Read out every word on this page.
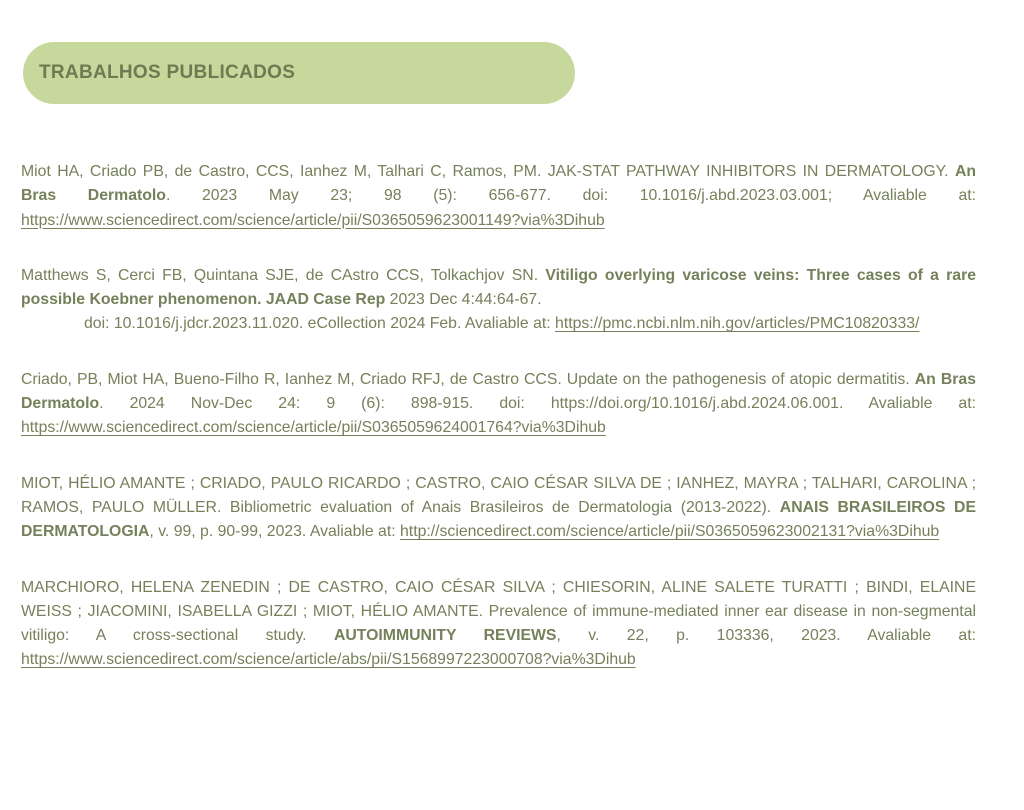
TRABALHOS PUBLICADOS
Miot HA, Criado PB, de Castro, CCS, Ianhez M, Talhari C, Ramos, PM. JAK-STAT PATHWAY INHIBITORS IN DERMATOLOGY. An Bras Dermatolo. 2023 May 23; 98 (5): 656-677. doi: 10.1016/j.abd.2023.03.001; Avaliable at: https://www.sciencedirect.com/science/article/pii/S0365059623001149?via%3Dihub
Matthews S, Cerci FB, Quintana SJE, de CAstro CCS, Tolkachjov SN. Vitiligo overlying varicose veins: Three cases of a rare possible Koebner phenomenon. JAAD Case Rep 2023 Dec 4:44:64-67.
doi: 10.1016/j.jdcr.2023.11.020. eCollection 2024 Feb. Avaliable at: https://pmc.ncbi.nlm.nih.gov/articles/PMC10820333/
Criado, PB, Miot HA, Bueno-Filho R, Ianhez M, Criado RFJ, de Castro CCS. Update on the pathogenesis of atopic dermatitis. An Bras Dermatolo. 2024 Nov-Dec 24: 9 (6): 898-915. doi: https://doi.org/10.1016/j.abd.2024.06.001. Avaliable at: https://www.sciencedirect.com/science/article/pii/S0365059624001764?via%3Dihub
MIOT, HÉLIO AMANTE ; CRIADO, PAULO RICARDO ; CASTRO, CAIO CÉSAR SILVA DE ; IANHEZ, MAYRA ; TALHARI, CAROLINA ; RAMOS, PAULO MÜLLER. Bibliometric evaluation of Anais Brasileiros de Dermatologia (2013-2022). ANAIS BRASILEIROS DE DERMATOLOGIA, v. 99, p. 90-99, 2023. Avaliable at: http://sciencedirect.com/science/article/pii/S0365059623002131?via%3Dihub
MARCHIORO, HELENA ZENEDIN ; DE CASTRO, CAIO CÉSAR SILVA ; CHIESORIN, ALINE SALETE TURATTI ; BINDI, ELAINE WEISS ; JIACOMINI, ISABELLA GIZZI ; MIOT, HÉLIO AMANTE. Prevalence of immune-mediated inner ear disease in non-segmental vitiligo: A cross-sectional study. AUTOIMMUNITY REVIEWS, v. 22, p. 103336, 2023. Avaliable at: https://www.sciencedirect.com/science/article/abs/pii/S1568997223000708?via%3Dihub
